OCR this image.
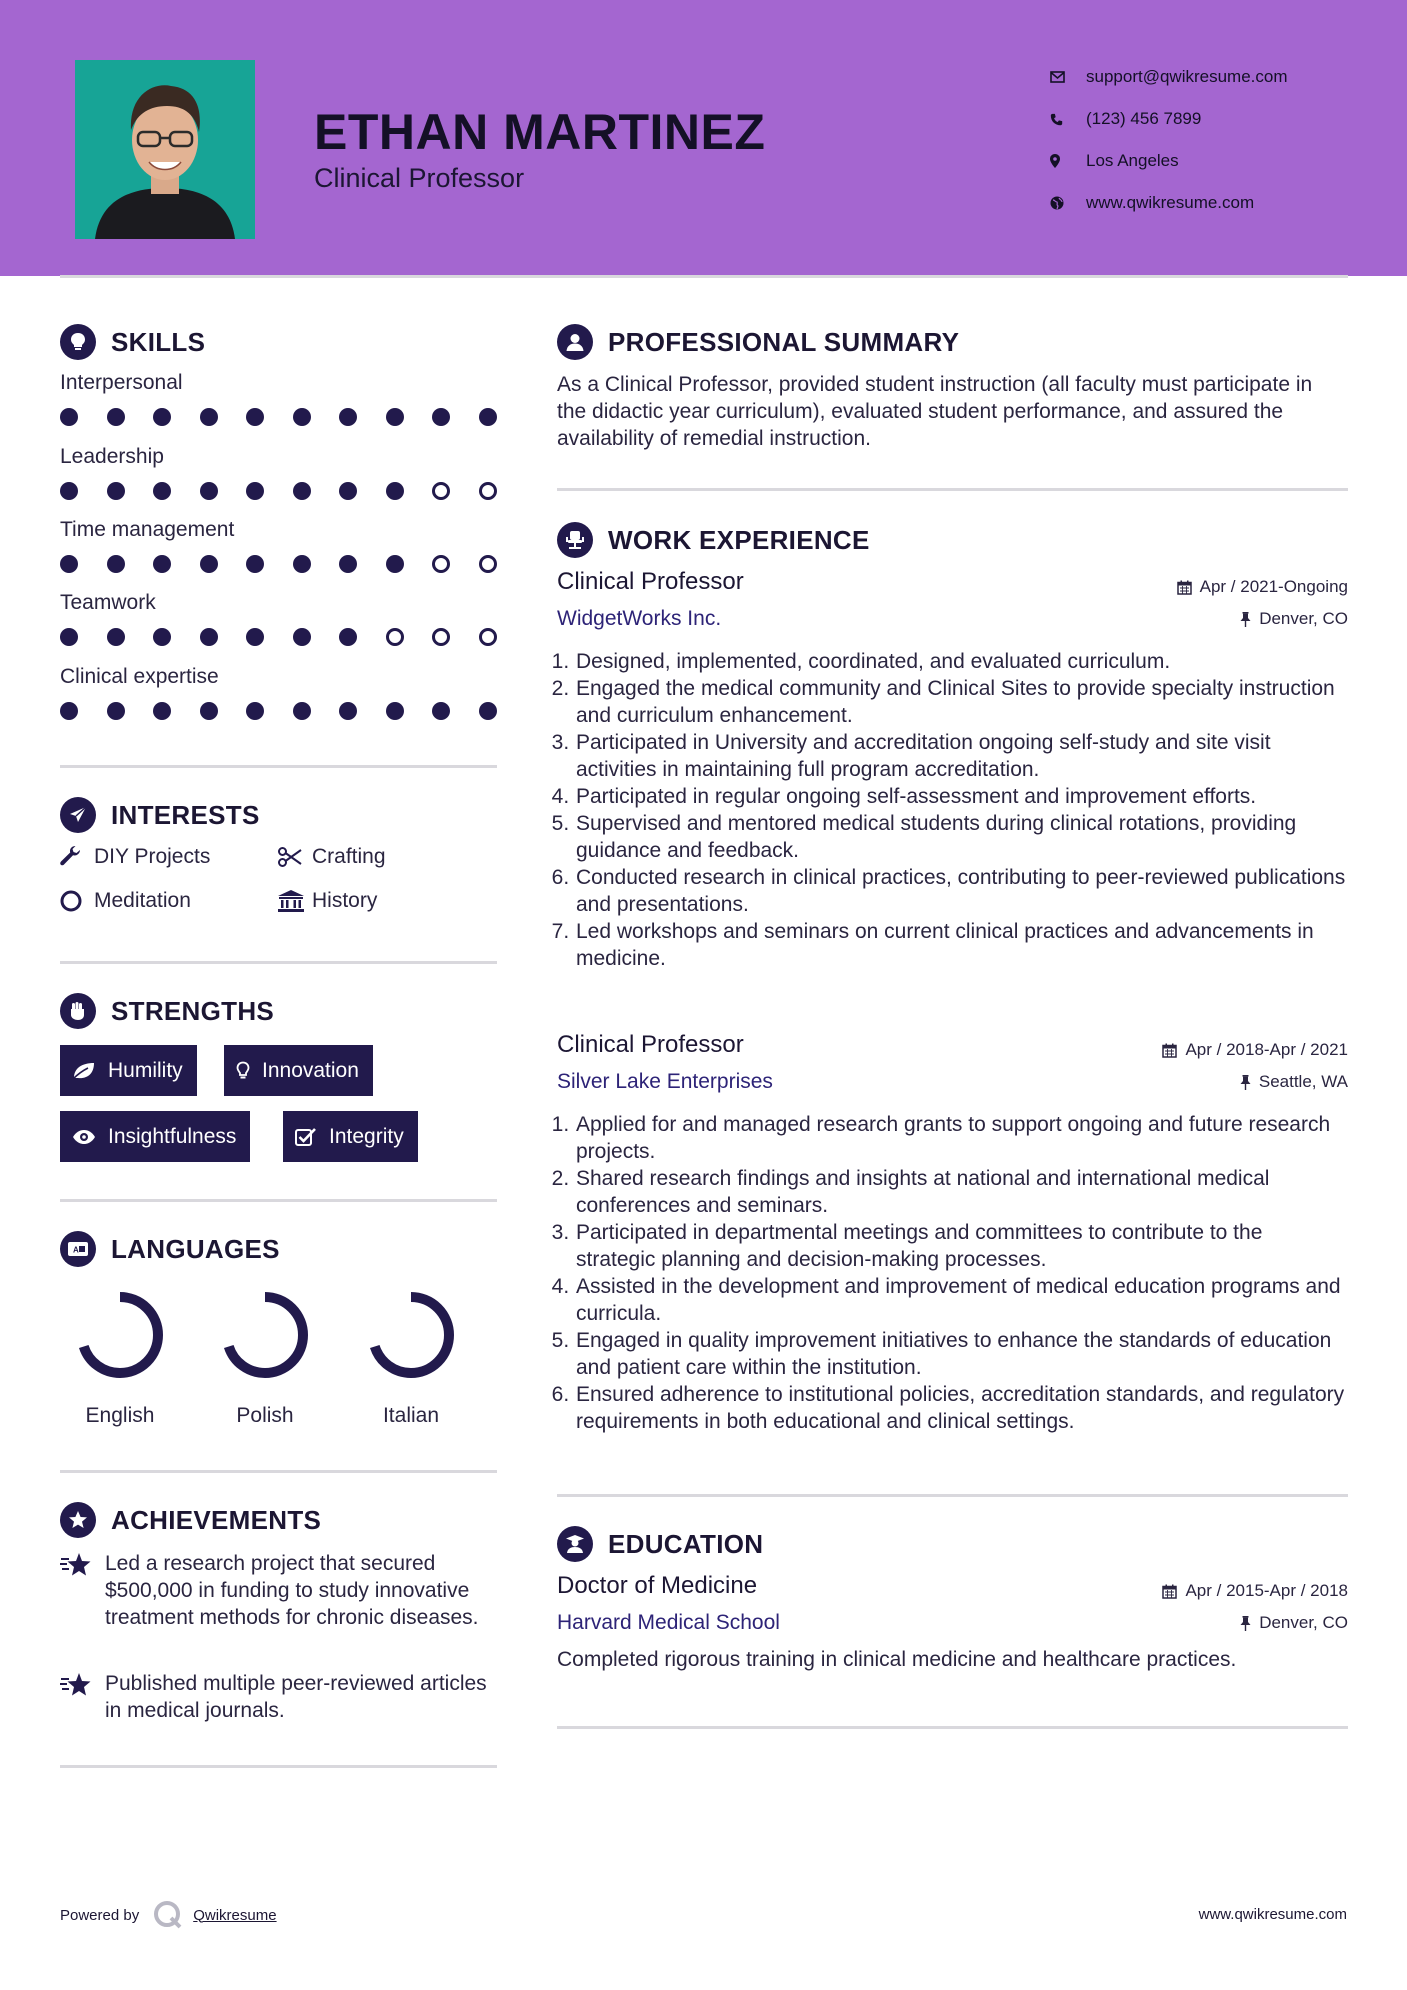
ETHAN MARTINEZ
Clinical Professor
support@qwikresume.com
(123) 456 7899
Los Angeles
www.qwikresume.com
SKILLS
Interpersonal
Leadership
Time management
Teamwork
Clinical expertise
INTERESTS
DIY Projects	Crafting
Meditation	History
STRENGTHS
Humility	Innovation
Insightfulness	Integrity
A LANGUAGES
English	Polish	Italian
ACHIEVEMENTS
Led a research project that secured $500,000 in funding to study innovative treatment methods for chronic diseases.
Published multiple peer-reviewed articles in medical journals.
PROFESSIONAL SUMMARY
As a Clinical Professor, provided student instruction (all faculty must participate in the didactic year curriculum), evaluated student performance, and assured the availability of remedial instruction.
WORK EXPERIENCE
Clinical Professor	Apr / 2021-Ongoing
WidgetWorks Inc.	Denver, CO
1. Designed, implemented, coordinated, and evaluated curriculum.
2. Engaged the medical community and Clinical Sites to provide specialty instruction and curriculum enhancement.
3. Participated in University and accreditation ongoing self-study and site visit activities in maintaining full program accreditation.
4. Participated in regular ongoing self-assessment and improvement efforts.
5. Supervised and mentored medical students during clinical rotations, providing guidance and feedback.
6. Conducted research in clinical practices, contributing to peer-reviewed publications and presentations.
7. Led workshops and seminars on current clinical practices and advancements in medicine.
Clinical Professor	Apr / 2018-Apr / 2021
Silver Lake Enterprises	Seattle, WA
1. Applied for and managed research grants to support ongoing and future research projects.
2. Shared research findings and insights at national and international medical conferences and seminars.
3. Participated in departmental meetings and committees to contribute to the strategic planning and decision-making processes.
4. Assisted in the development and improvement of medical education programs and curricula.
5. Engaged in quality improvement initiatives to enhance the standards of education and patient care within the institution.
6. Ensured adherence to institutional policies, accreditation standards, and regulatory requirements in both educational and clinical settings.
EDUCATION
Doctor of Medicine	Apr / 2015-Apr / 2018
Harvard Medical School	Denver, CO
Completed rigorous training in clinical medicine and healthcare practices.
Powered by	Qwikresume	www.qwikresume.com
